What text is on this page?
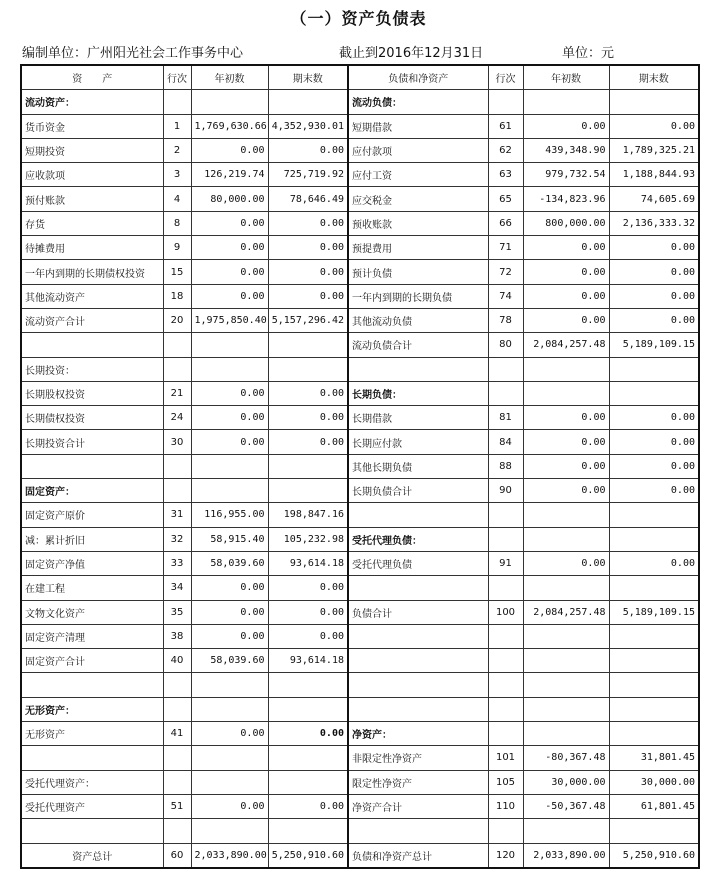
（一）资产负债表
编制单位：广州阳光社会工作事务中心	截止到2016年12月31日	单位：元
资　　产	行次	年初数	期末数	负债和净资产	行次	年初数	期末数
流动资产：				流动负债：			
货币资金	1	1,769,630.66	4,352,930.01	短期借款	61	0.00	0.00
短期投资	2	0.00	0.00	应付款项	62	439,348.90	1,789,325.21
应收款项	3	126,219.74	725,719.92	应付工资	63	979,732.54	1,188,844.93
预付账款	4	80,000.00	78,646.49	应交税金	65	-134,823.96	74,605.69
存货	8	0.00	0.00	预收账款	66	800,000.00	2,136,333.32
待摊费用	9	0.00	0.00	预提费用	71	0.00	0.00
一年内到期的长期债权投资	15	0.00	0.00	预计负债	72	0.00	0.00
其他流动资产	18	0.00	0.00	一年内到期的长期负债	74	0.00	0.00
流动资产合计	20	1,975,850.40	5,157,296.42	其他流动负债	78	0.00	0.00
				流动负债合计	80	2,084,257.48	5,189,109.15
长期投资：							
长期股权投资	21	0.00	0.00	长期负债：			
长期债权投资	24	0.00	0.00	长期借款	81	0.00	0.00
长期投资合计	30	0.00	0.00	长期应付款	84	0.00	0.00
				其他长期负债	88	0.00	0.00
固定资产：				长期负债合计	90	0.00	0.00
固定资产原价	31	116,955.00	198,847.16				
减：累计折旧	32	58,915.40	105,232.98	受托代理负债：			
固定资产净值	33	58,039.60	93,614.18	受托代理负债	91	0.00	0.00
在建工程	34	0.00	0.00				
文物文化资产	35	0.00	0.00	负债合计	100	2,084,257.48	5,189,109.15
固定资产清理	38	0.00	0.00				
固定资产合计	40	58,039.60	93,614.18				

无形资产：							
无形资产	41	0.00	0.00	净资产：			
				非限定性净资产	101	-80,367.48	31,801.45
受托代理资产：				限定性净资产	105	30,000.00	30,000.00
受托代理资产	51	0.00	0.00	净资产合计	110	-50,367.48	61,801.45

资产总计	60	2,033,890.00	5,250,910.60	负债和净资产总计	120	2,033,890.00	5,250,910.60
